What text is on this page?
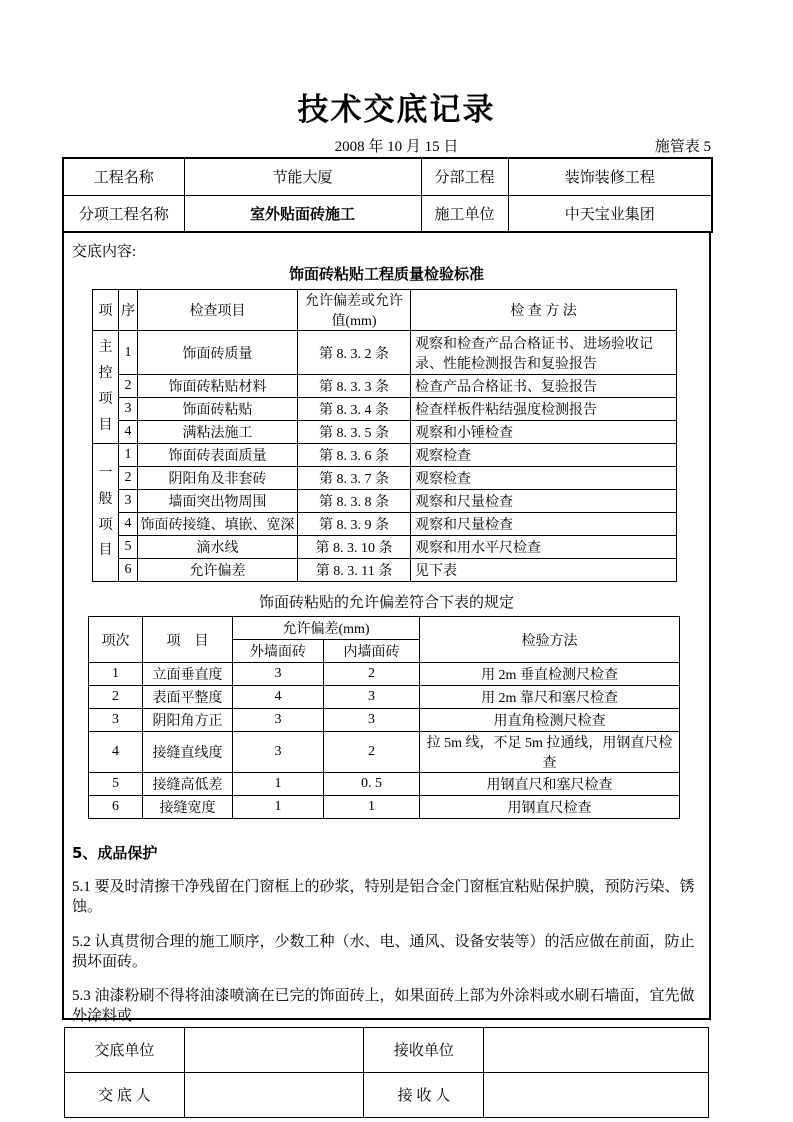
技术交底记录
2008 年 10 月 15 日	施管表 5
工程名称	节能大厦	分部工程	装饰装修工程
分项工程名称	室外贴面砖施工	施工单位	中天宝业集团
交底内容:
饰面砖粘贴工程质量检验标准
项	序	检查项目	允许偏差或允许值(mm)	检 查 方 法
主控项目	1	饰面砖质量	第 8. 3. 2 条	观察和检查产品合格证书、进场验收记录、性能检测报告和复验报告
	2	饰面砖粘贴材料	第 8. 3. 3 条	检查产品合格证书、复验报告
	3	饰面砖粘贴	第 8. 3. 4 条	检查样板件粘结强度检测报告
	4	满粘法施工	第 8. 3. 5 条	观察和小锤检查
一般项目	1	饰面砖表面质量	第 8. 3. 6 条	观察检查
	2	阴阳角及非套砖	第 8. 3. 7 条	观察检查
	3	墙面突出物周围	第 8. 3. 8 条	观察和尺量检查
	4	饰面砖接缝、填嵌、宽深	第 8. 3. 9 条	观察和尺量检查
	5	滴水线	第 8. 3. 10 条	观察和用水平尺检查
	6	允许偏差	第 8. 3. 11 条	见下表
饰面砖粘贴的允许偏差符合下表的规定
项次	项　目	允许偏差(mm)		检验方法
		外墙面砖	内墙面砖	
1	立面垂直度	3	2	用 2m 垂直检测尺检查
2	表面平整度	4	3	用 2m 靠尺和塞尺检查
3	阴阳角方正	3	3	用直角检测尺检查
4	接缝直线度	3	2	拉 5m 线，不足 5m 拉通线，用钢直尺检查
5	接缝高低差	1	0. 5	用钢直尺和塞尺检查
6	接缝宽度	1	1	用钢直尺检查
5、成品保护

5.1 要及时清擦干净残留在门窗框上的砂浆，特别是铝合金门窗框宜粘贴保护膜，预防污染、锈蚀。

5.2 认真贯彻合理的施工顺序，少数工种（水、电、通风、设备安装等）的活应做在前面，防止损坏面砖。

5.3 油漆粉刷不得将油漆喷滴在已完的饰面砖上，如果面砖上部为外涂料或水刷石墙面，宜先做外涂料或

交底单位		接收单位	
交 底 人		接 收 人	
